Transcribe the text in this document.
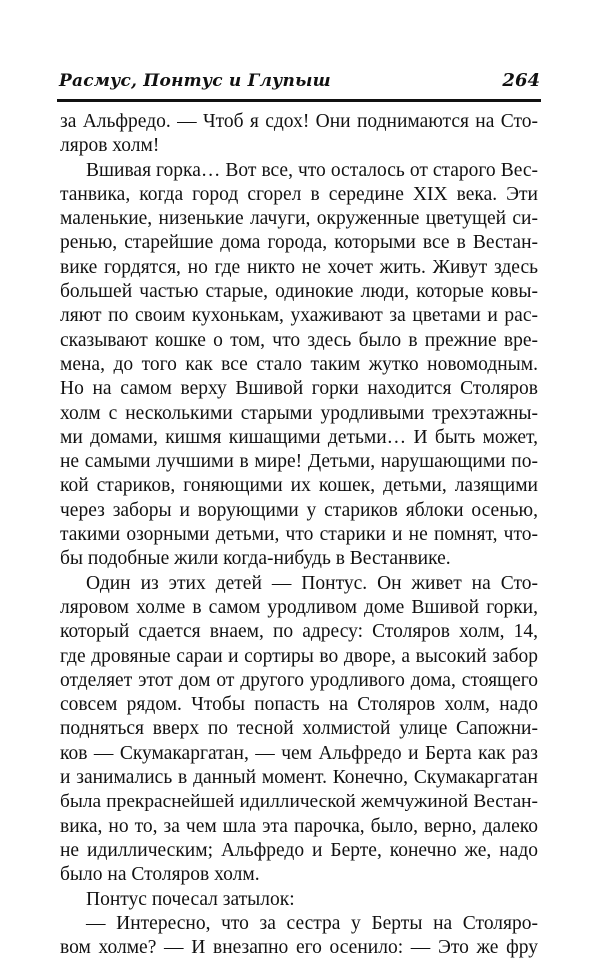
Расмус, Понтус и Глупыш	264
за Альфредо. — Чтоб я сдох! Они поднимаются на Сто-
ляров холм!
Вшивая горка… Вот все, что осталось от старого Вес-
танвика, когда город сгорел в середине XIX века. Эти
маленькие, низенькие лачуги, окруженные цветущей си-
ренью, старейшие дома города, которыми все в Вестан-
вике гордятся, но где никто не хочет жить. Живут здесь
большей частью старые, одинокие люди, которые ковы-
ляют по своим кухонькам, ухаживают за цветами и рас-
сказывают кошке о том, что здесь было в прежние вре-
мена, до того как все стало таким жутко новомодным.
Но на самом верху Вшивой горки находится Столяров
холм с несколькими старыми уродливыми трехэтажны-
ми домами, кишмя кишащими детьми… И быть может,
не самыми лучшими в мире! Детьми, нарушающими по-
кой стариков, гоняющими их кошек, детьми, лазящими
через заборы и ворующими у стариков яблоки осенью,
такими озорными детьми, что старики и не помнят, что-
бы подобные жили когда-нибудь в Вестанвике.
Один из этих детей — Понтус. Он живет на Сто-
ляровом холме в самом уродливом доме Вшивой горки,
который сдается внаем, по адресу: Столяров холм, 14,
где дровяные сараи и сортиры во дворе, а высокий забор
отделяет этот дом от другого уродливого дома, стоящего
совсем рядом. Чтобы попасть на Столяров холм, надо
подняться вверх по тесной холмистой улице Сапожни-
ков — Скумакаргатан, — чем Альфредо и Берта как раз
и занимались в данный момент. Конечно, Скумакаргатан
была прекраснейшей идиллической жемчужиной Вестан-
вика, но то, за чем шла эта парочка, было, верно, далеко
не идиллическим; Альфредо и Берте, конечно же, надо
было на Столяров холм.
Понтус почесал затылок:
— Интересно, что за сестра у Берты на Столяро-
вом холме? — И внезапно его осенило: — Это же фру
